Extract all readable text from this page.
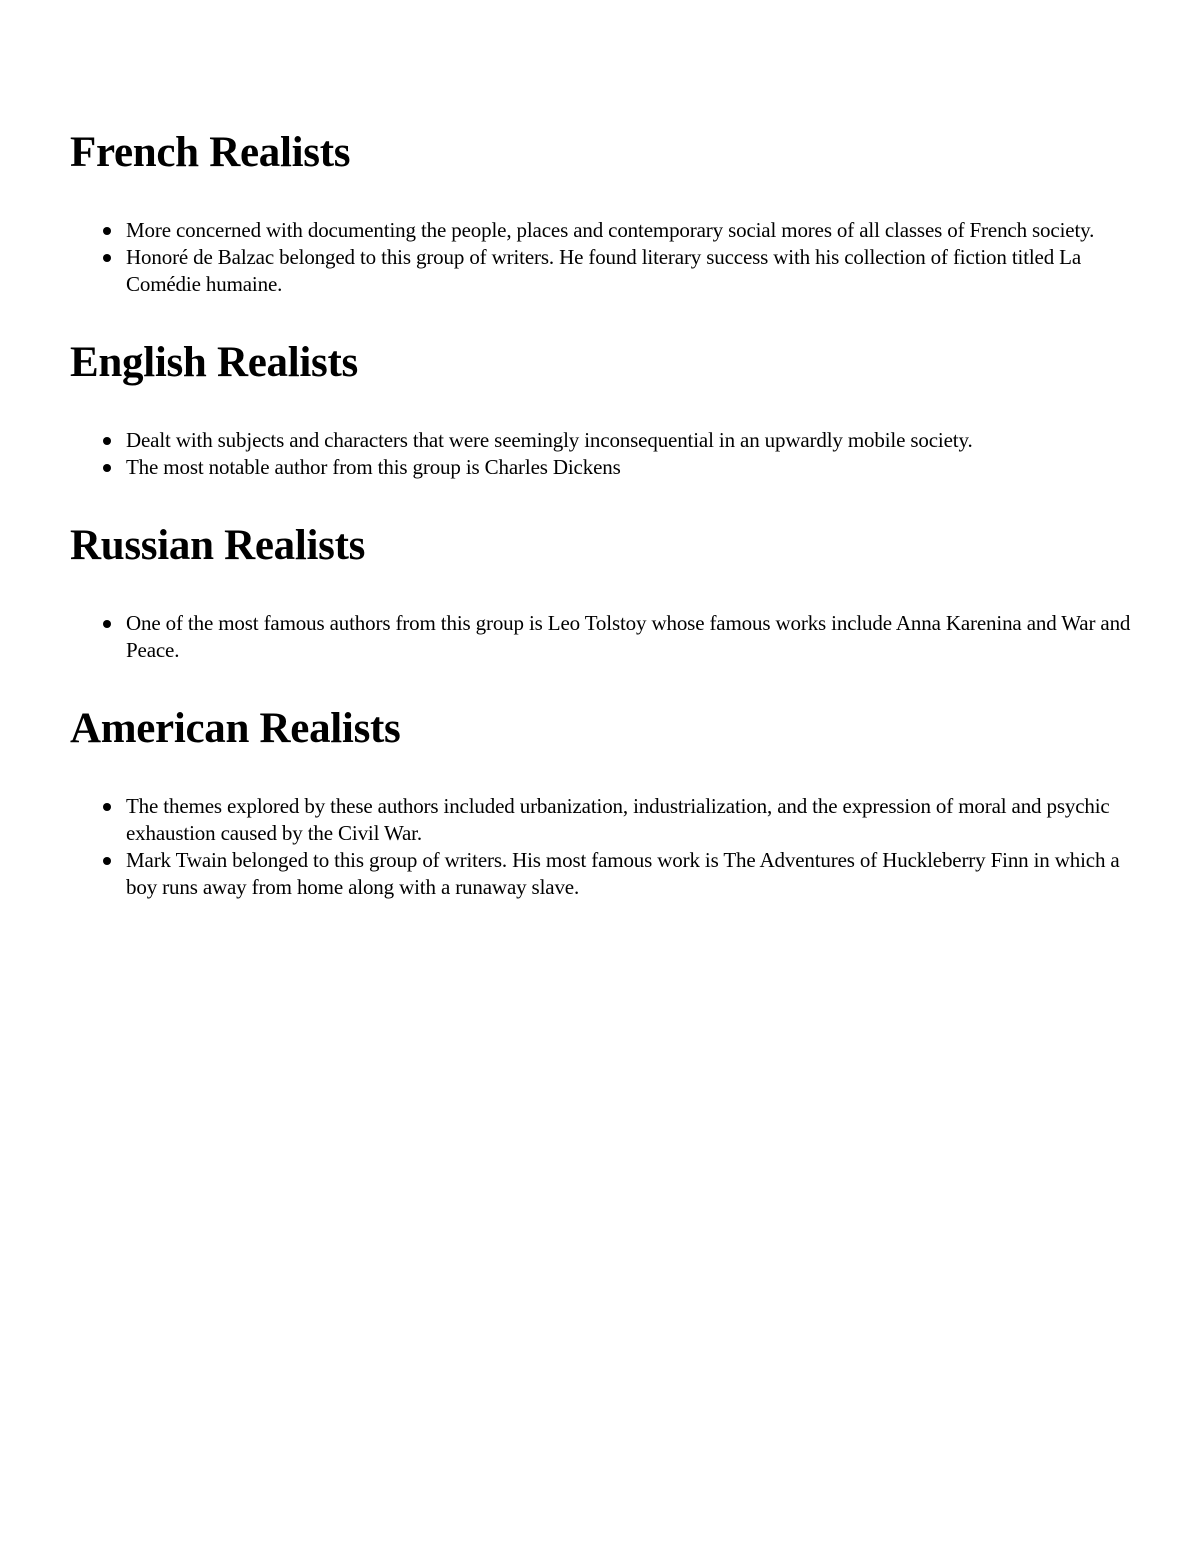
French Realists
More concerned with documenting the people, places and contemporary social mores of all classes of French society.
Honoré de Balzac belonged to this group of writers. He found literary success with his collection of fiction titled La Comédie humaine.
English Realists
Dealt with subjects and characters that were seemingly inconsequential in an upwardly mobile society.
The most notable author from this group is Charles Dickens
Russian Realists
One of the most famous authors from this group is Leo Tolstoy whose famous works include Anna Karenina and War and Peace.
American Realists
The themes explored by these authors included urbanization, industrialization, and the expression of moral and psychic exhaustion caused by the Civil War.
Mark Twain belonged to this group of writers. His most famous work is The Adventures of Huckleberry Finn in which a boy runs away from home along with a runaway slave.
